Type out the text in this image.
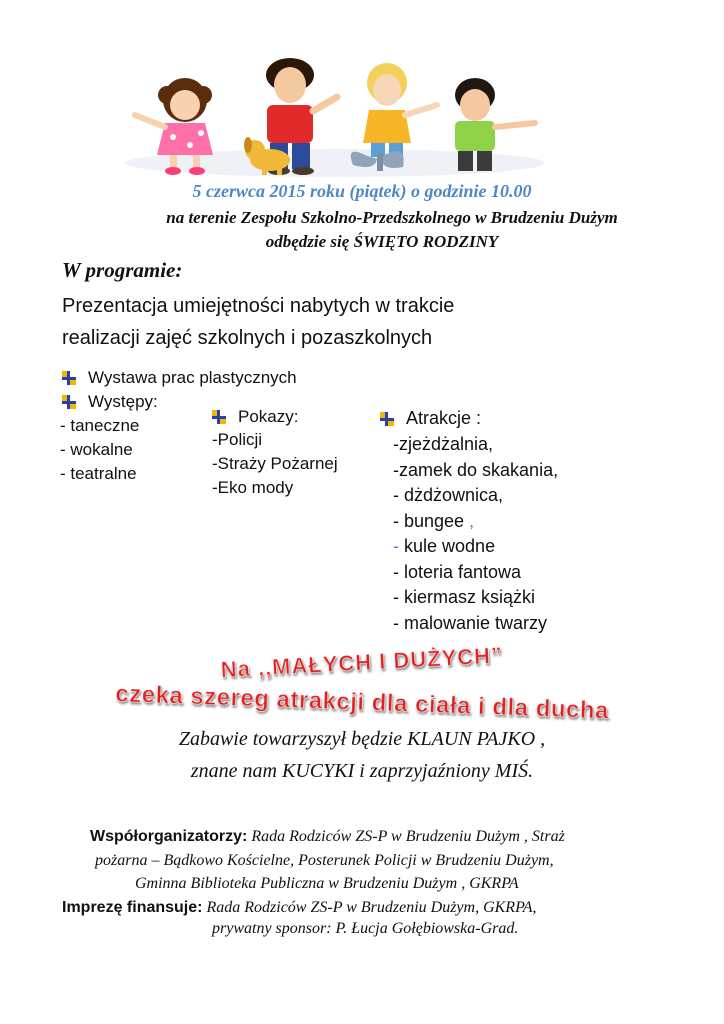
5 czerwca 2015 roku (piątek) o godzinie 10.00
na terenie Zespołu Szkolno-Przedszkolnego w Brudzeniu Dużym
odbędzie się ŚWIĘTO RODZINY
W programie:
Prezentacja umiejętności nabytych w trakcie
realizacji zajęć szkolnych i pozaszkolnych
Wystawa prac plastycznych
Występy:
- taneczne
- wokalne
- teatralne
Pokazy:
-Policji
-Straży Pożarnej
-Eko mody
Atrakcje :
-zjeżdżalnia,
-zamek do skakania,
- dżdżownica,
- bungee ,
- kule wodne
- loteria fantowa
- kiermasz książki
- malowanie twarzy
Na ,,MAŁYCH I DUŻYCH”
czeka szereg atrakcji dla ciała i dla ducha
Zabawie towarzyszył będzie KLAUN PAJKO ,
znane nam KUCYKI i zaprzyjaźniony MIŚ.
Współorganizatorzy: Rada Rodziców ZS-P w Brudzeniu Dużym , Straż
pożarna – Bądkowo Kościelne, Posterunek Policji w Brudzeniu Dużym,
Gminna Biblioteka Publiczna w Brudzeniu Dużym , GKRPA
Imprezę finansuje: Rada Rodziców ZS-P w Brudzeniu Dużym, GKRPA,
prywatny sponsor: P. Łucja Gołębiowska-Grad.
